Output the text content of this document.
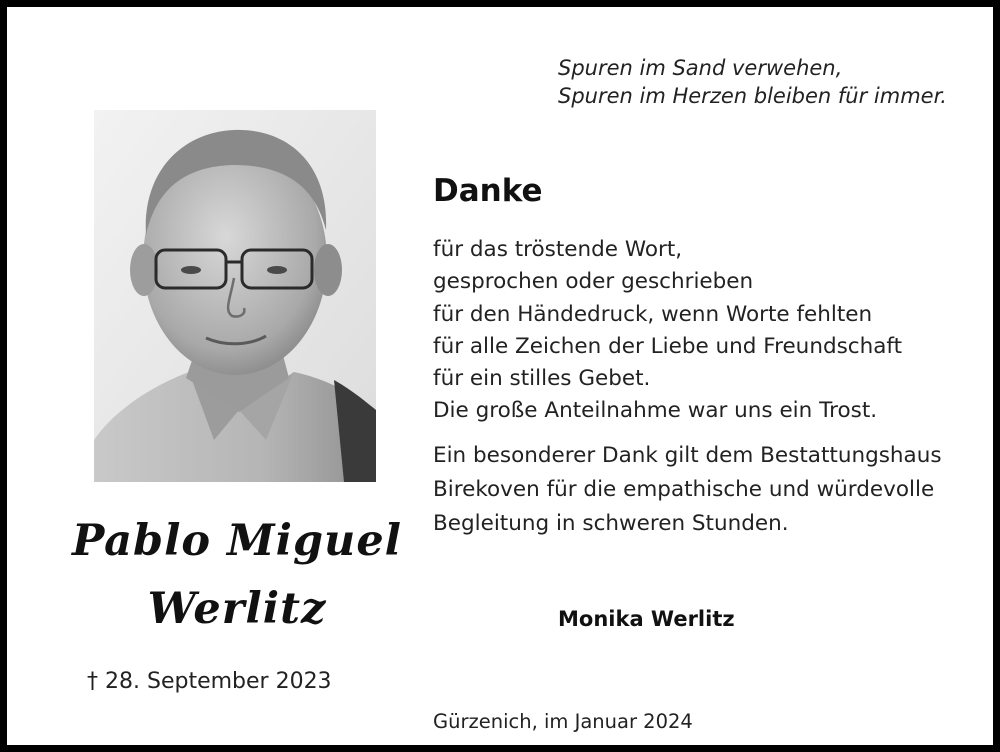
Spuren im Sand verwehen,
Spuren im Herzen bleiben für immer.
Pablo Miguel
Werlitz
† 28. September 2023
Danke
für das tröstende Wort,
gesprochen oder geschrieben
für den Händedruck, wenn Worte fehlten
für alle Zeichen der Liebe und Freundschaft
für ein stilles Gebet.
Die große Anteilnahme war uns ein Trost.
Ein besonderer Dank gilt dem Bestattungshaus
Birekoven für die empathische und würdevolle
Begleitung in schweren Stunden.
Monika Werlitz
Gürzenich, im Januar 2024
